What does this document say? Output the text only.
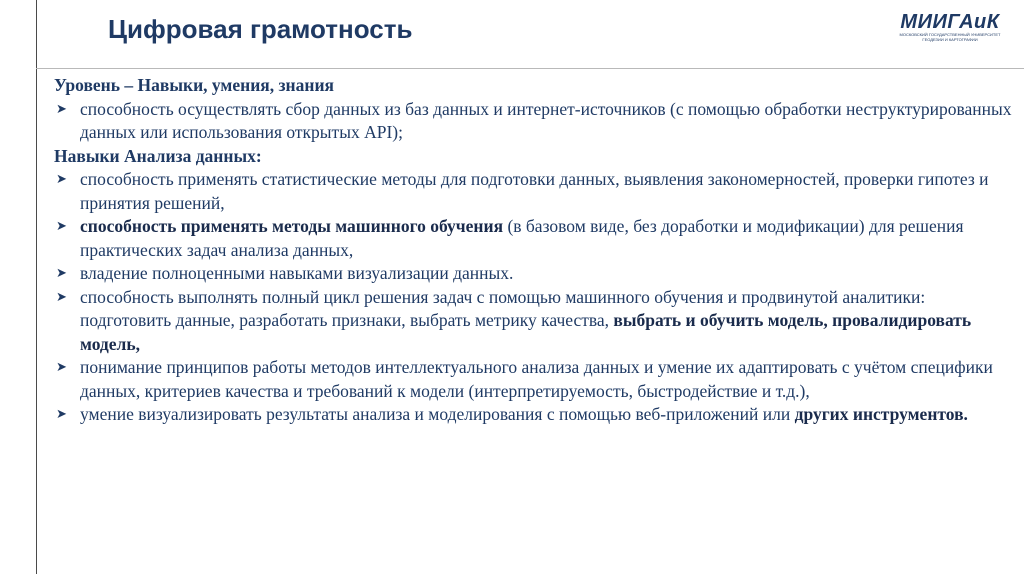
Цифровая грамотность	МИИГАиК
МОСКОВСКИЙ ГОСУДАРСТВЕННЫЙ УНИВЕРСИТЕТ
ГЕОДЕЗИИ И КАРТОГРАФИИ

Уровень – Навыки, умения, знания

➤ способность осуществлять сбор данных из баз данных и интернет-источников (с помощью обработки неструктурированных данных или использования открытых API);

Навыки Анализа данных:

➤ способность применять статистические методы для подготовки данных, выявления закономерностей, проверки гипотез и принятия решений,

➤ способность применять методы машинного обучения (в базовом виде, без доработки и модификации) для решения практических задач анализа данных,

➤ владение полноценными навыками визуализации данных.

➤ способность выполнять полный цикл решения задач с помощью машинного обучения и продвинутой аналитики: подготовить данные, разработать признаки, выбрать метрику качества, выбрать и обучить модель, провалидировать модель,

➤ понимание принципов работы методов интеллектуального анализа данных и умение их адаптировать с учётом специфики данных, критериев качества и требований к модели (интерпретируемость, быстродействие и т.д.),

➤ умение визуализировать результаты анализа и моделирования с помощью веб-приложений или других инструментов.
